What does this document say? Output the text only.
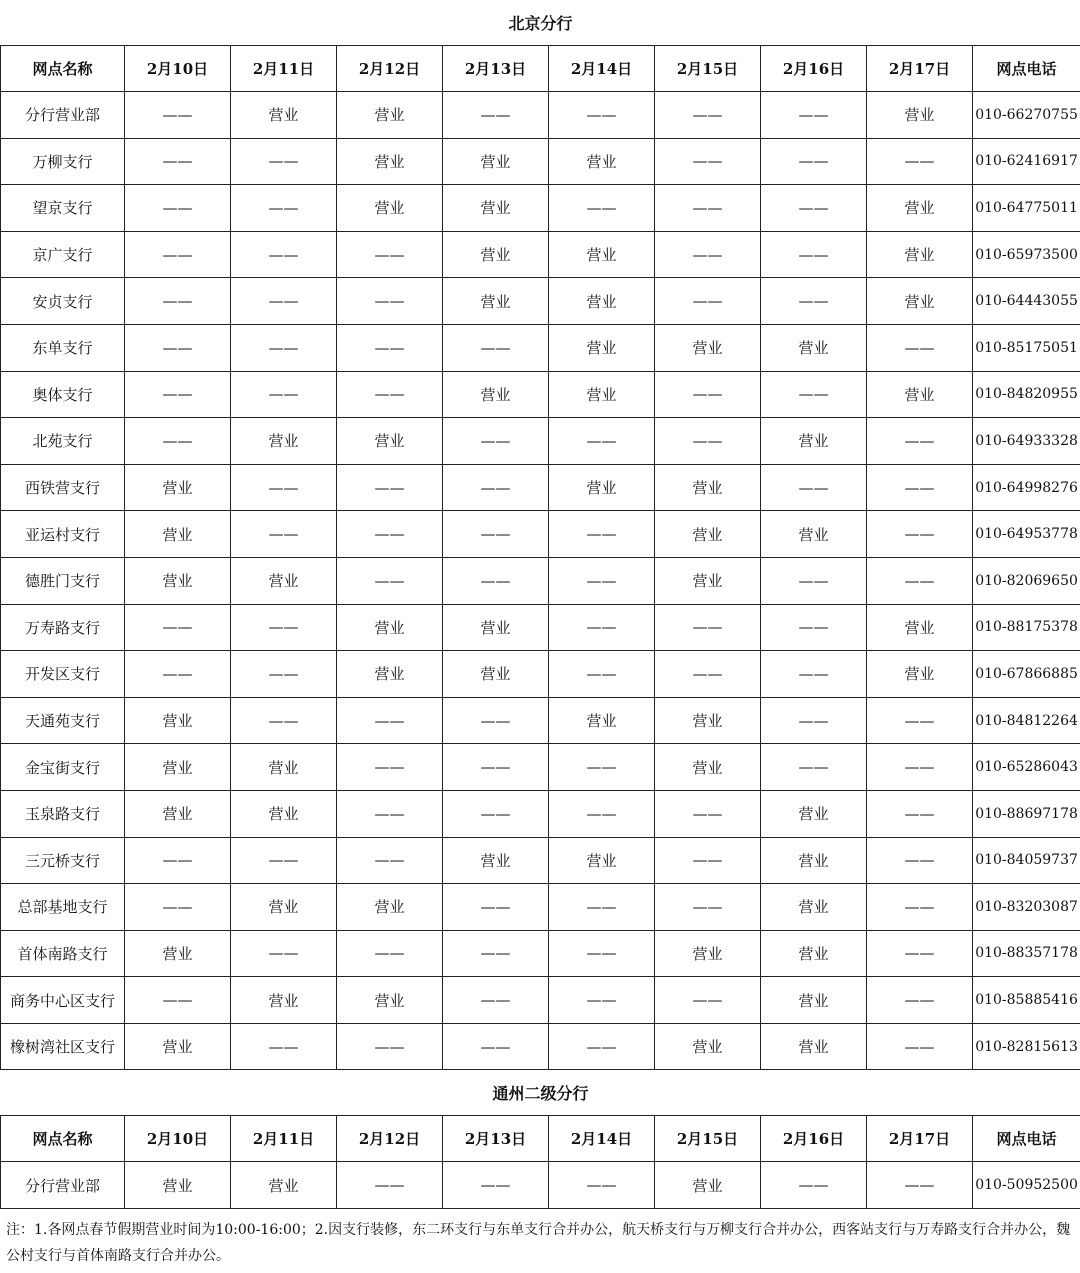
北京分行									
网点名称	2月10日	2月11日	2月12日	2月13日	2月14日	2月15日	2月16日	2月17日	网点电话
分行营业部	——	营业	营业	——	——	——	——	营业	010-66270755
万柳支行	——	——	营业	营业	营业	——	——	——	010-62416917
望京支行	——	——	营业	营业	——	——	——	营业	010-64775011
京广支行	——	——	——	营业	营业	——	——	营业	010-65973500
安贞支行	——	——	——	营业	营业	——	——	营业	010-64443055
东单支行	——	——	——	——	营业	营业	营业	——	010-85175051
奥体支行	——	——	——	营业	营业	——	——	营业	010-84820955
北苑支行	——	营业	营业	——	——	——	营业	——	010-64933328
西铁营支行	营业	——	——	——	营业	营业	——	——	010-64998276
亚运村支行	营业	——	——	——	——	营业	营业	——	010-64953778
德胜门支行	营业	营业	——	——	——	营业	——	——	010-82069650
万寿路支行	——	——	营业	营业	——	——	——	营业	010-88175378
开发区支行	——	——	营业	营业	——	——	——	营业	010-67866885
天通苑支行	营业	——	——	——	营业	营业	——	——	010-84812264
金宝街支行	营业	营业	——	——	——	营业	——	——	010-65286043
玉泉路支行	营业	营业	——	——	——	——	营业	——	010-88697178
三元桥支行	——	——	——	营业	营业	——	营业	——	010-84059737
总部基地支行	——	营业	营业	——	——	——	营业	——	010-83203087
首体南路支行	营业	——	——	——	——	营业	营业	——	010-88357178
商务中心区支行	——	营业	营业	——	——	——	营业	——	010-85885416
橡树湾社区支行	营业	——	——	——	——	营业	营业	——	010-82815613
通州二级分行									
网点名称	2月10日	2月11日	2月12日	2月13日	2月14日	2月15日	2月16日	2月17日	网点电话
分行营业部	营业	营业	——	——	——	营业	——	——	010-50952500
注：1.各网点春节假期营业时间为10:00-16:00；2.因支行装修，东二环支行与东单支行合并办公，航天桥支行与万柳支行合并办公，西客站支行与万寿路支行合并办公，魏公村支行与首体南路支行合并办公。
